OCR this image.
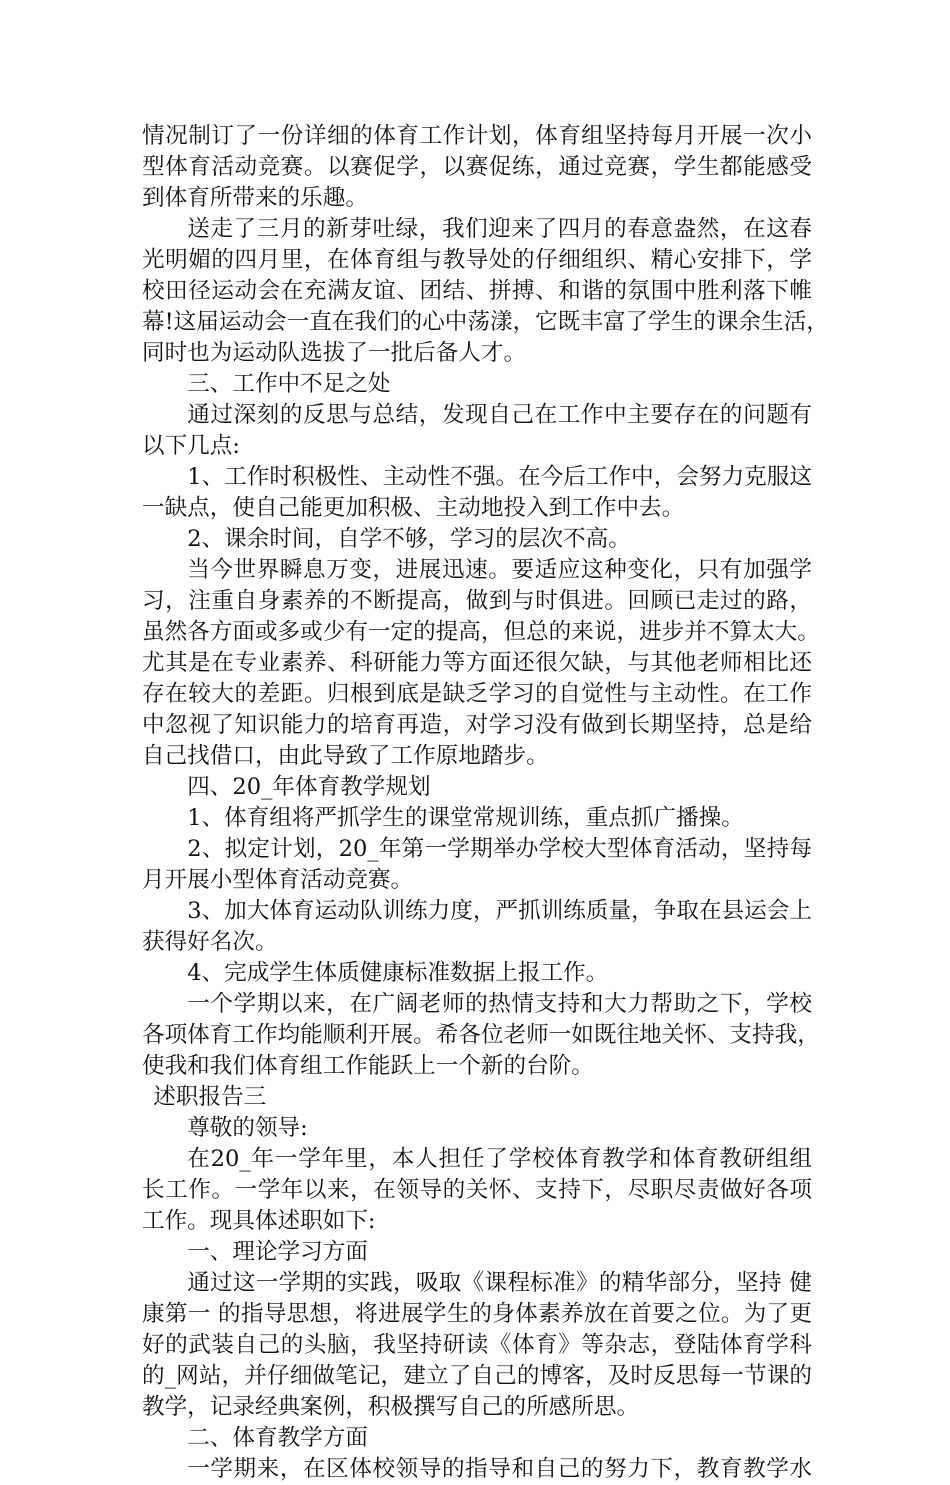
情况制订了一份详细的体育工作计划，体育组坚持每月开展一次小
型体育活动竞赛。以赛促学，以赛促练，通过竞赛，学生都能感受
到体育所带来的乐趣。
送走了三月的新芽吐绿，我们迎来了四月的春意盎然，在这春
光明媚的四月里，在体育组与教导处的仔细组织、精心安排下，学
校田径运动会在充满友谊、团结、拼搏、和谐的氛围中胜利落下帷
幕!这届运动会一直在我们的心中荡漾，它既丰富了学生的课余生活，
同时也为运动队选拔了一批后备人才。
三、工作中不足之处
通过深刻的反思与总结，发现自己在工作中主要存在的问题有
以下几点:
1、工作时积极性、主动性不强。在今后工作中，会努力克服这
一缺点，使自己能更加积极、主动地投入到工作中去。
2、课余时间，自学不够，学习的层次不高。
当今世界瞬息万变，进展迅速。要适应这种变化，只有加强学
习，注重自身素养的不断提高，做到与时俱进。回顾已走过的路，
虽然各方面或多或少有一定的提高，但总的来说，进步并不算太大。
尤其是在专业素养、科研能力等方面还很欠缺，与其他老师相比还
存在较大的差距。归根到底是缺乏学习的自觉性与主动性。在工作
中忽视了知识能力的培育再造，对学习没有做到长期坚持，总是给
自己找借口，由此导致了工作原地踏步。
四、20_年体育教学规划
1、体育组将严抓学生的课堂常规训练，重点抓广播操。
2、拟定计划，20_年第一学期举办学校大型体育活动，坚持每
月开展小型体育活动竞赛。
3、加大体育运动队训练力度，严抓训练质量，争取在县运会上
获得好名次。
4、完成学生体质健康标准数据上报工作。
一个学期以来，在广阔老师的热情支持和大力帮助之下，学校
各项体育工作均能顺利开展。希各位老师一如既往地关怀、支持我，
使我和我们体育组工作能跃上一个新的台阶。
述职报告三
尊敬的领导:
在20_年一学年里，本人担任了学校体育教学和体育教研组组
长工作。一学年以来，在领导的关怀、支持下，尽职尽责做好各项
工作。现具体述职如下:
一、理论学习方面
通过这一学期的实践，吸取《课程标准》的精华部分，坚持 健
康第一 的指导思想，将进展学生的身体素养放在首要之位。为了更
好的武装自己的头脑，我坚持研读《体育》等杂志，登陆体育学科
的_网站，并仔细做笔记，建立了自己的博客，及时反思每一节课的
教学，记录经典案例，积极撰写自己的所感所思。
二、体育教学方面
一学期来，在区体校领导的指导和自己的努力下，教育教学水
